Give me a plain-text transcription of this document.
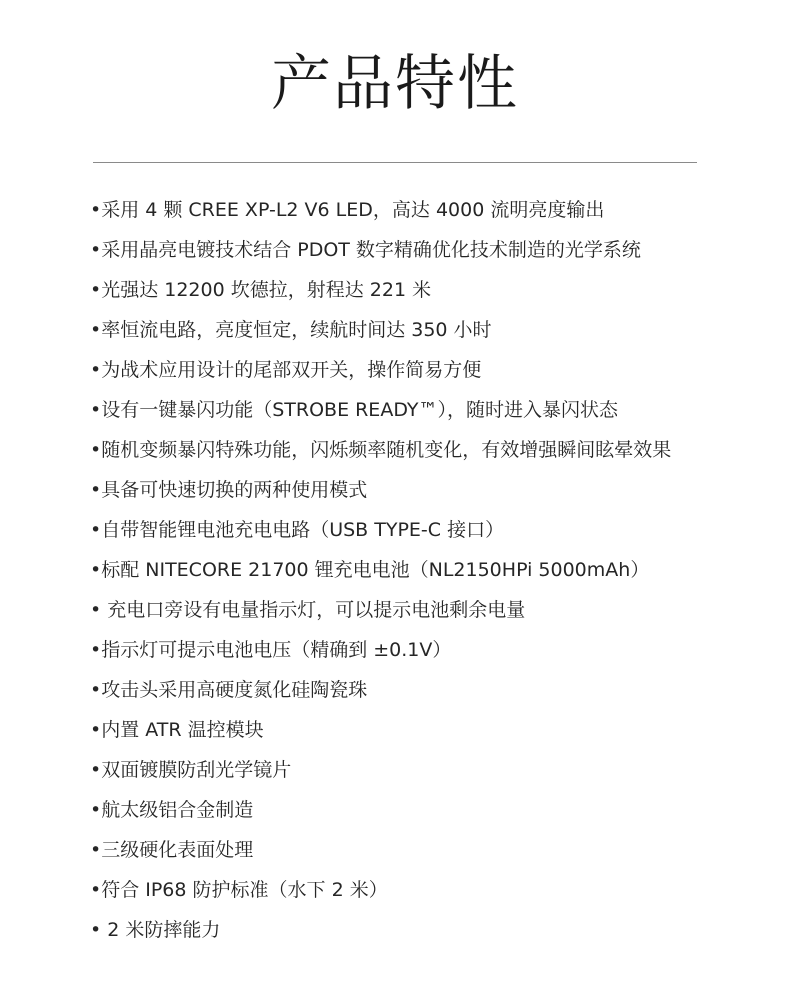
产品特性
•采用 4 颗 CREE XP-L2 V6 LED，高达 4000 流明亮度输出
•采用晶亮电镀技术结合 PDOT 数字精确优化技术制造的光学系统
•光强达 12200 坎德拉，射程达 221 米
•率恒流电路，亮度恒定，续航时间达 350 小时
•为战术应用设计的尾部双开关，操作简易方便
•设有一键暴闪功能（STROBE READY™），随时进入暴闪状态
•随机变频暴闪特殊功能，闪烁频率随机变化，有效增强瞬间眩晕效果
•具备可快速切换的两种使用模式
•自带智能锂电池充电电路（USB TYPE-C 接口）
•标配 NITECORE 21700 锂充电电池（NL2150HPi 5000mAh）
• 充电口旁设有电量指示灯，可以提示电池剩余电量
•指示灯可提示电池电压（精确到 ±0.1V）
•攻击头采用高硬度氮化硅陶瓷珠
•内置 ATR 温控模块
•双面镀膜防刮光学镜片
•航太级铝合金制造
•三级硬化表面处理
•符合 IP68 防护标准（水下 2 米）
• 2 米防摔能力
